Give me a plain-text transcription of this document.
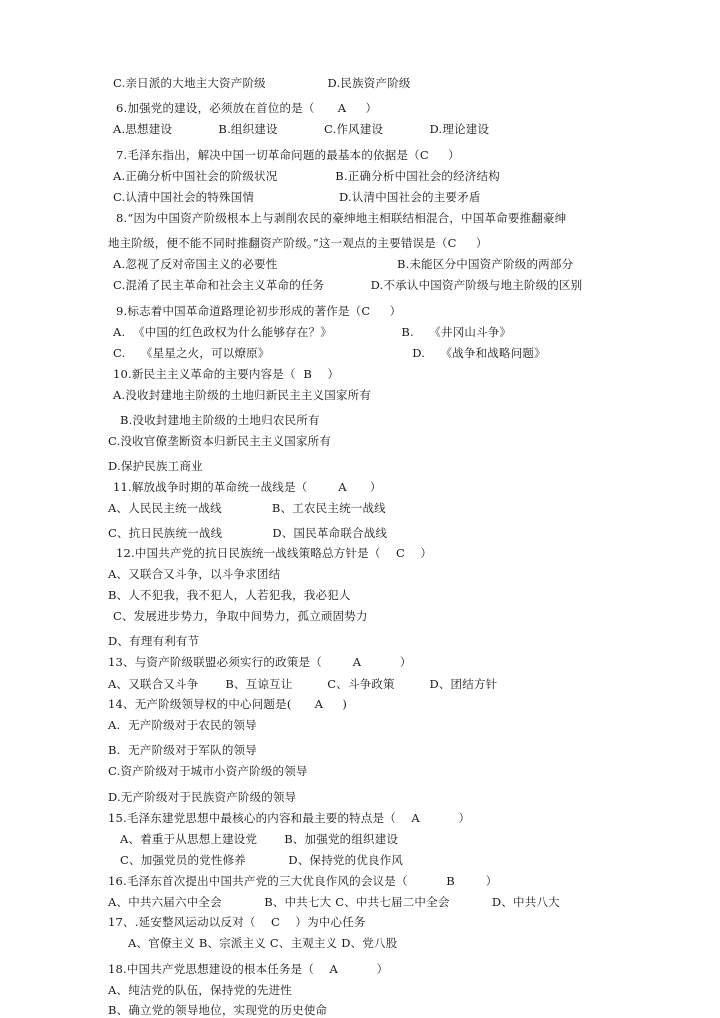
C.亲日派的大地主大资产阶级                D.民族资产阶级
6.加强党的建设，必须放在首位的是（      A     ）
A.思想建设            B.组织建设            C.作风建设            D.理论建设
7.毛泽东指出，解决中国一切革命问题的最基本的依据是（C     ）
A.正确分析中国社会的阶级状况               B.正确分析中国社会的经济结构
C.认清中国社会的特殊国情                      D.认清中国社会的主要矛盾
8.“因为中国资产阶级根本上与剥削农民的豪绅地主相联结相混合，中国革命要推翻豪绅
地主阶级，便不能不同时推翻资产阶级。”这一观点的主要错误是（C     ）
A.忽视了反对帝国主义的必要性                               B.未能区分中国资产阶级的两部分
C.混淆了民主革命和社会主义革命的任务            D.不承认中国资产阶级与地主阶级的区别
9.标志着中国革命道路理论初步形成的著作是（C     ）
A.  《中国的红色政权为什么能够存在？》                  B.    《井冈山斗争》
C.    《星星之火，可以燎原》                                     D.    《战争和战略问题》
10.新民主主义革命的主要内容是（  B    ）
A.没收封建地主阶级的土地归新民主主义国家所有
B.没收封建地主阶级的土地归农民所有
C.没收官僚垄断资本归新民主主义国家所有
D.保护民族工商业
11.解放战争时期的革命统一战线是（        A      ）
A、人民民主统一战线             B、工农民主统一战线
C、抗日民族统一战线             D、国民革命联合战线
12.中国共产党的抗日民族统一战线策略总方针是（    C    ）
A、又联合又斗争，以斗争求团结
B、人不犯我，我不犯人，人若犯我，我必犯人
C、发展进步势力，争取中间势力，孤立顽固势力
D、有理有利有节
13、与资产阶级联盟必须实行的政策是（        A          ）
A、又联合又斗争       B、互谅互让         C、斗争政策         D、团结方针
14、无产阶级领导权的中心问题是(      A     )
A.  无产阶级对于农民的领导
B.  无产阶级对于军队的领导
C.资产阶级对于城市小资产阶级的领导
D.无产阶级对于民族资产阶级的领导
15.毛泽东建党思想中最核心的内容和最主要的特点是（    A          ）
A、着重于从思想上建设党       B、加强党的组织建设
C、加强党员的党性修养           D、保持党的优良作风
16.毛泽东首次提出中国共产党的三大优良作风的会议是（          B        ）
A、中共六届六中全会           B、中共七大 C、中共七届二中全会           D、中共八大
17、.延安整风运动以反对（    C    ）为中心任务
A、官僚主义 B、宗派主义 C、主观主义 D、党八股
18.中国共产党思想建设的根本任务是（    A          ）
A、纯洁党的队伍，保持党的先进性
B、确立党的领导地位，实现党的历史使命
